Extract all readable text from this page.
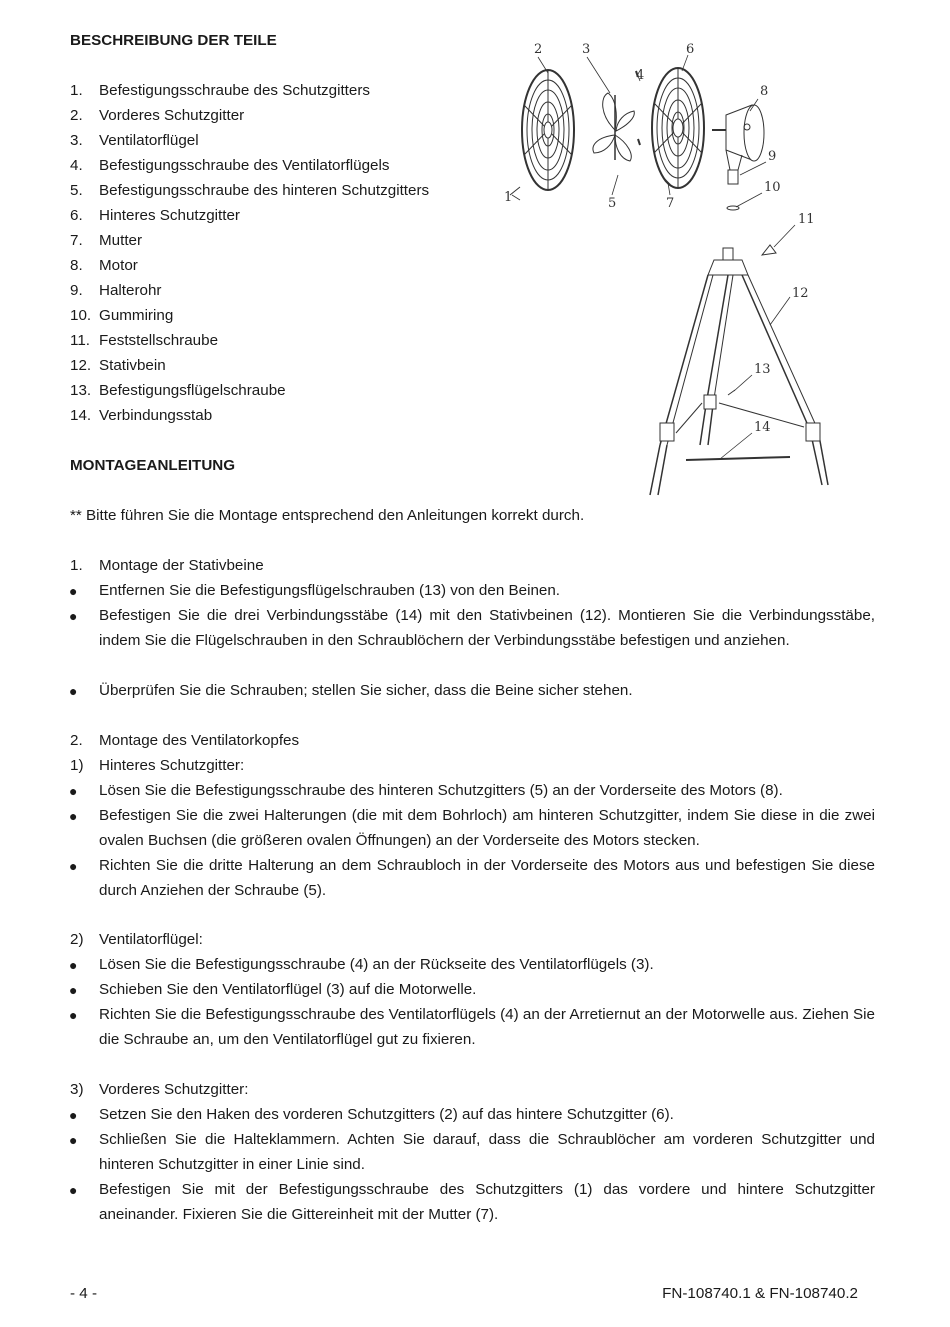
BESCHREIBUNG DER TEILE
1. Befestigungsschraube des Schutzgitters
2. Vorderes Schutzgitter
3. Ventilatorflügel
4. Befestigungsschraube des Ventilatorflügels
5. Befestigungsschraube des hinteren Schutzgitters
6. Hinteres Schutzgitter
7. Mutter
8. Motor
9. Halterohr
10. Gummiring
11. Feststellschraube
12. Stativbein
13. Befestigungsflügelschraube
14. Verbindungsstab
1
2	3
4
5
6
7
8
9
10
11
12
13
14
MONTAGEANLEITUNG
** Bitte führen Sie die Montage entsprechend den Anleitungen korrekt durch.
1. Montage der Stativbeine
● Entfernen Sie die Befestigungsflügelschrauben (13) von den Beinen.
● Befestigen Sie die drei Verbindungsstäbe (14) mit den Stativbeinen (12). Montieren Sie die Verbindungsstäbe, indem Sie die Flügelschrauben in den Schraublöchern der Verbindungsstäbe befestigen und anziehen.
● Überprüfen Sie die Schrauben; stellen Sie sicher, dass die Beine sicher stehen.
2. Montage des Ventilatorkopfes
1) Hinteres Schutzgitter:
● Lösen Sie die Befestigungsschraube des hinteren Schutzgitters (5) an der Vorderseite des Motors (8).
● Befestigen Sie die zwei Halterungen (die mit dem Bohrloch) am hinteren Schutzgitter, indem Sie diese in die zwei ovalen Buchsen (die größeren ovalen Öffnungen) an der Vorderseite des Motors stecken.
● Richten Sie die dritte Halterung an dem Schraubloch in der Vorderseite des Motors aus und befestigen Sie diese durch Anziehen der Schraube (5).
2) Ventilatorflügel:
● Lösen Sie die Befestigungsschraube (4) an der Rückseite des Ventilatorflügels (3).
● Schieben Sie den Ventilatorflügel (3) auf die Motorwelle.
● Richten Sie die Befestigungsschraube des Ventilatorflügels (4) an der Arretiernut an der Motorwelle aus. Ziehen Sie die Schraube an, um den Ventilatorflügel gut zu fixieren.
3) Vorderes Schutzgitter:
● Setzen Sie den Haken des vorderen Schutzgitters (2) auf das hintere Schutzgitter (6).
● Schließen Sie die Halteklammern. Achten Sie darauf, dass die Schraublöcher am vorderen Schutzgitter und hinteren Schutzgitter in einer Linie sind.
● Befestigen Sie mit der Befestigungsschraube des Schutzgitters (1) das vordere und hintere Schutzgitter aneinander. Fixieren Sie die Gittereinheit mit der Mutter (7).
- 4 -	FN-108740.1 & FN-108740.2
